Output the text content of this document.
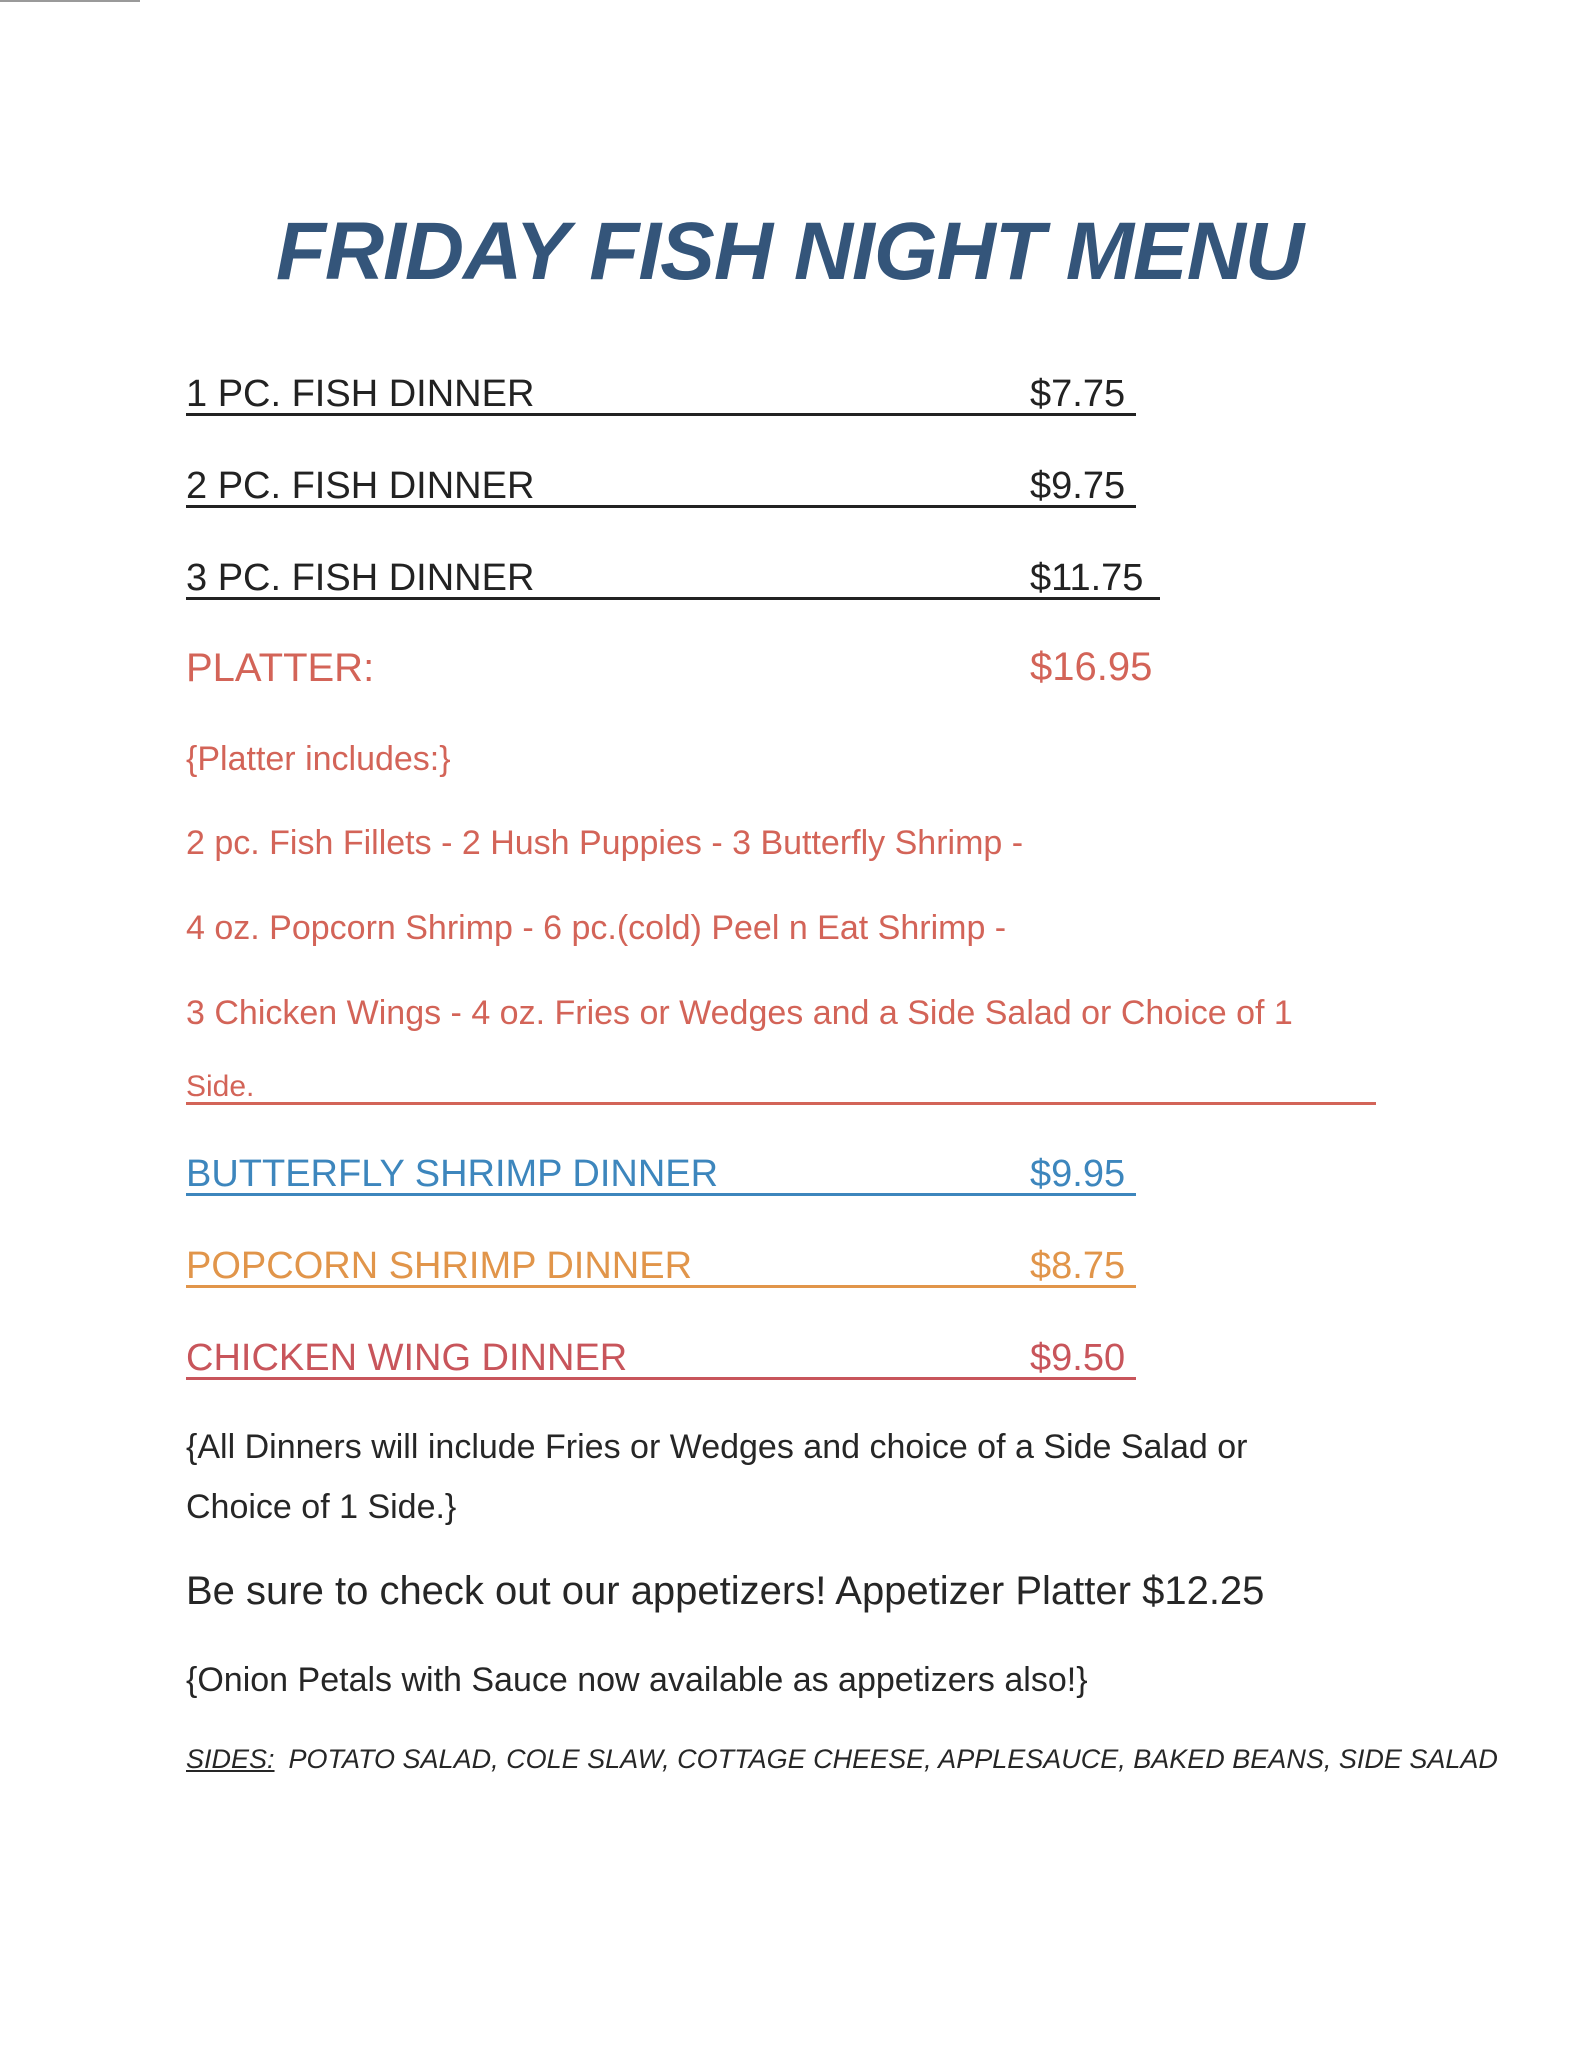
FRIDAY FISH NIGHT MENU
1 PC. FISH DINNER	$7.75
2 PC. FISH DINNER	$9.75
3 PC. FISH DINNER	$11.75
PLATTER:	$16.95
{Platter includes:}
2 pc. Fish Fillets - 2 Hush Puppies - 3 Butterfly Shrimp -
4 oz. Popcorn Shrimp - 6 pc.(cold) Peel n Eat Shrimp -
3 Chicken Wings - 4 oz. Fries or Wedges and a Side Salad or Choice of 1
Side.
BUTTERFLY SHRIMP DINNER	$9.95
POPCORN SHRIMP DINNER	$8.75
CHICKEN WING DINNER	$9.50
{All Dinners will include Fries or Wedges and choice of a Side Salad or
Choice of 1 Side.}
Be sure to check out our appetizers! Appetizer Platter $12.25
{Onion Petals with Sauce now available as appetizers also!}
SIDES: POTATO SALAD, COLE SLAW, COTTAGE CHEESE, APPLESAUCE, BAKED BEANS, SIDE SALAD
